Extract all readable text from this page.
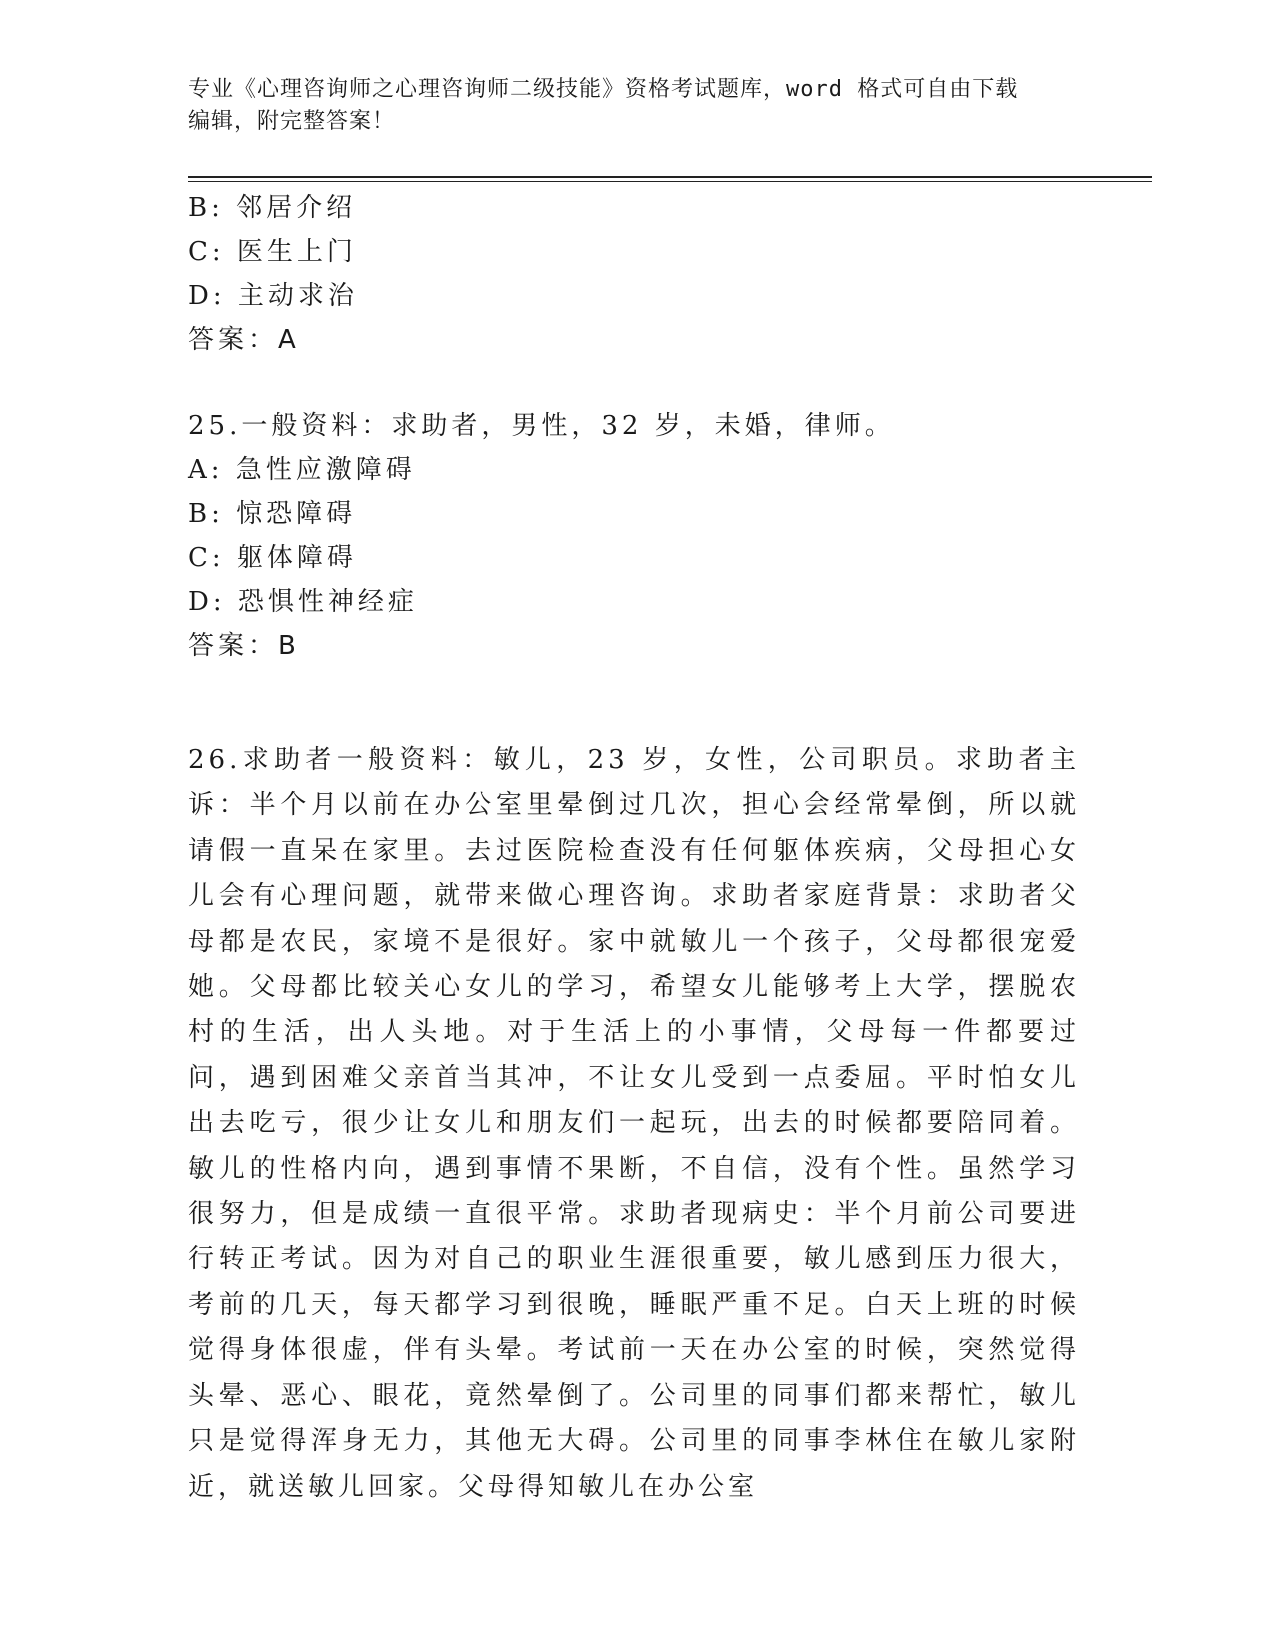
专业《心理咨询师之心理咨询师二级技能》资格考试题库，word 格式可自由下载
编辑，附完整答案！
B: 邻居介绍
C: 医生上门
D: 主动求治
答案：A
25.一般资料：求助者，男性，32 岁，未婚，律师。
A: 急性应激障碍
B: 惊恐障碍
C: 躯体障碍
D: 恐惧性神经症
答案：B
26.求助者一般资料：敏儿，23 岁，女性，公司职员。求助者主诉：半个月以前在办公室里晕倒过几次，担心会经常晕倒，所以就请假一直呆在家里。去过医院检查没有任何躯体疾病，父母担心女儿会有心理问题，就带来做心理咨询。求助者家庭背景：求助者父母都是农民，家境不是很好。家中就敏儿一个孩子，父母都很宠爱她。父母都比较关心女儿的学习，希望女儿能够考上大学，摆脱农村的生活，出人头地。对于生活上的小事情，父母每一件都要过问，遇到困难父亲首当其冲，不让女儿受到一点委屈。平时怕女儿出去吃亏，很少让女儿和朋友们一起玩，出去的时候都要陪同着。敏儿的性格内向，遇到事情不果断，不自信，没有个性。虽然学习很努力，但是成绩一直很平常。求助者现病史：半个月前公司要进行转正考试。因为对自己的职业生涯很重要，敏儿感到压力很大，考前的几天，每天都学习到很晚，睡眠严重不足。白天上班的时候觉得身体很虚，伴有头晕。考试前一天在办公室的时候，突然觉得头晕、恶心、眼花，竟然晕倒了。公司里的同事们都来帮忙，敏儿只是觉得浑身无力，其他无大碍。公司里的同事李林住在敏儿家附近，就送敏儿回家。父母得知敏儿在办公室
